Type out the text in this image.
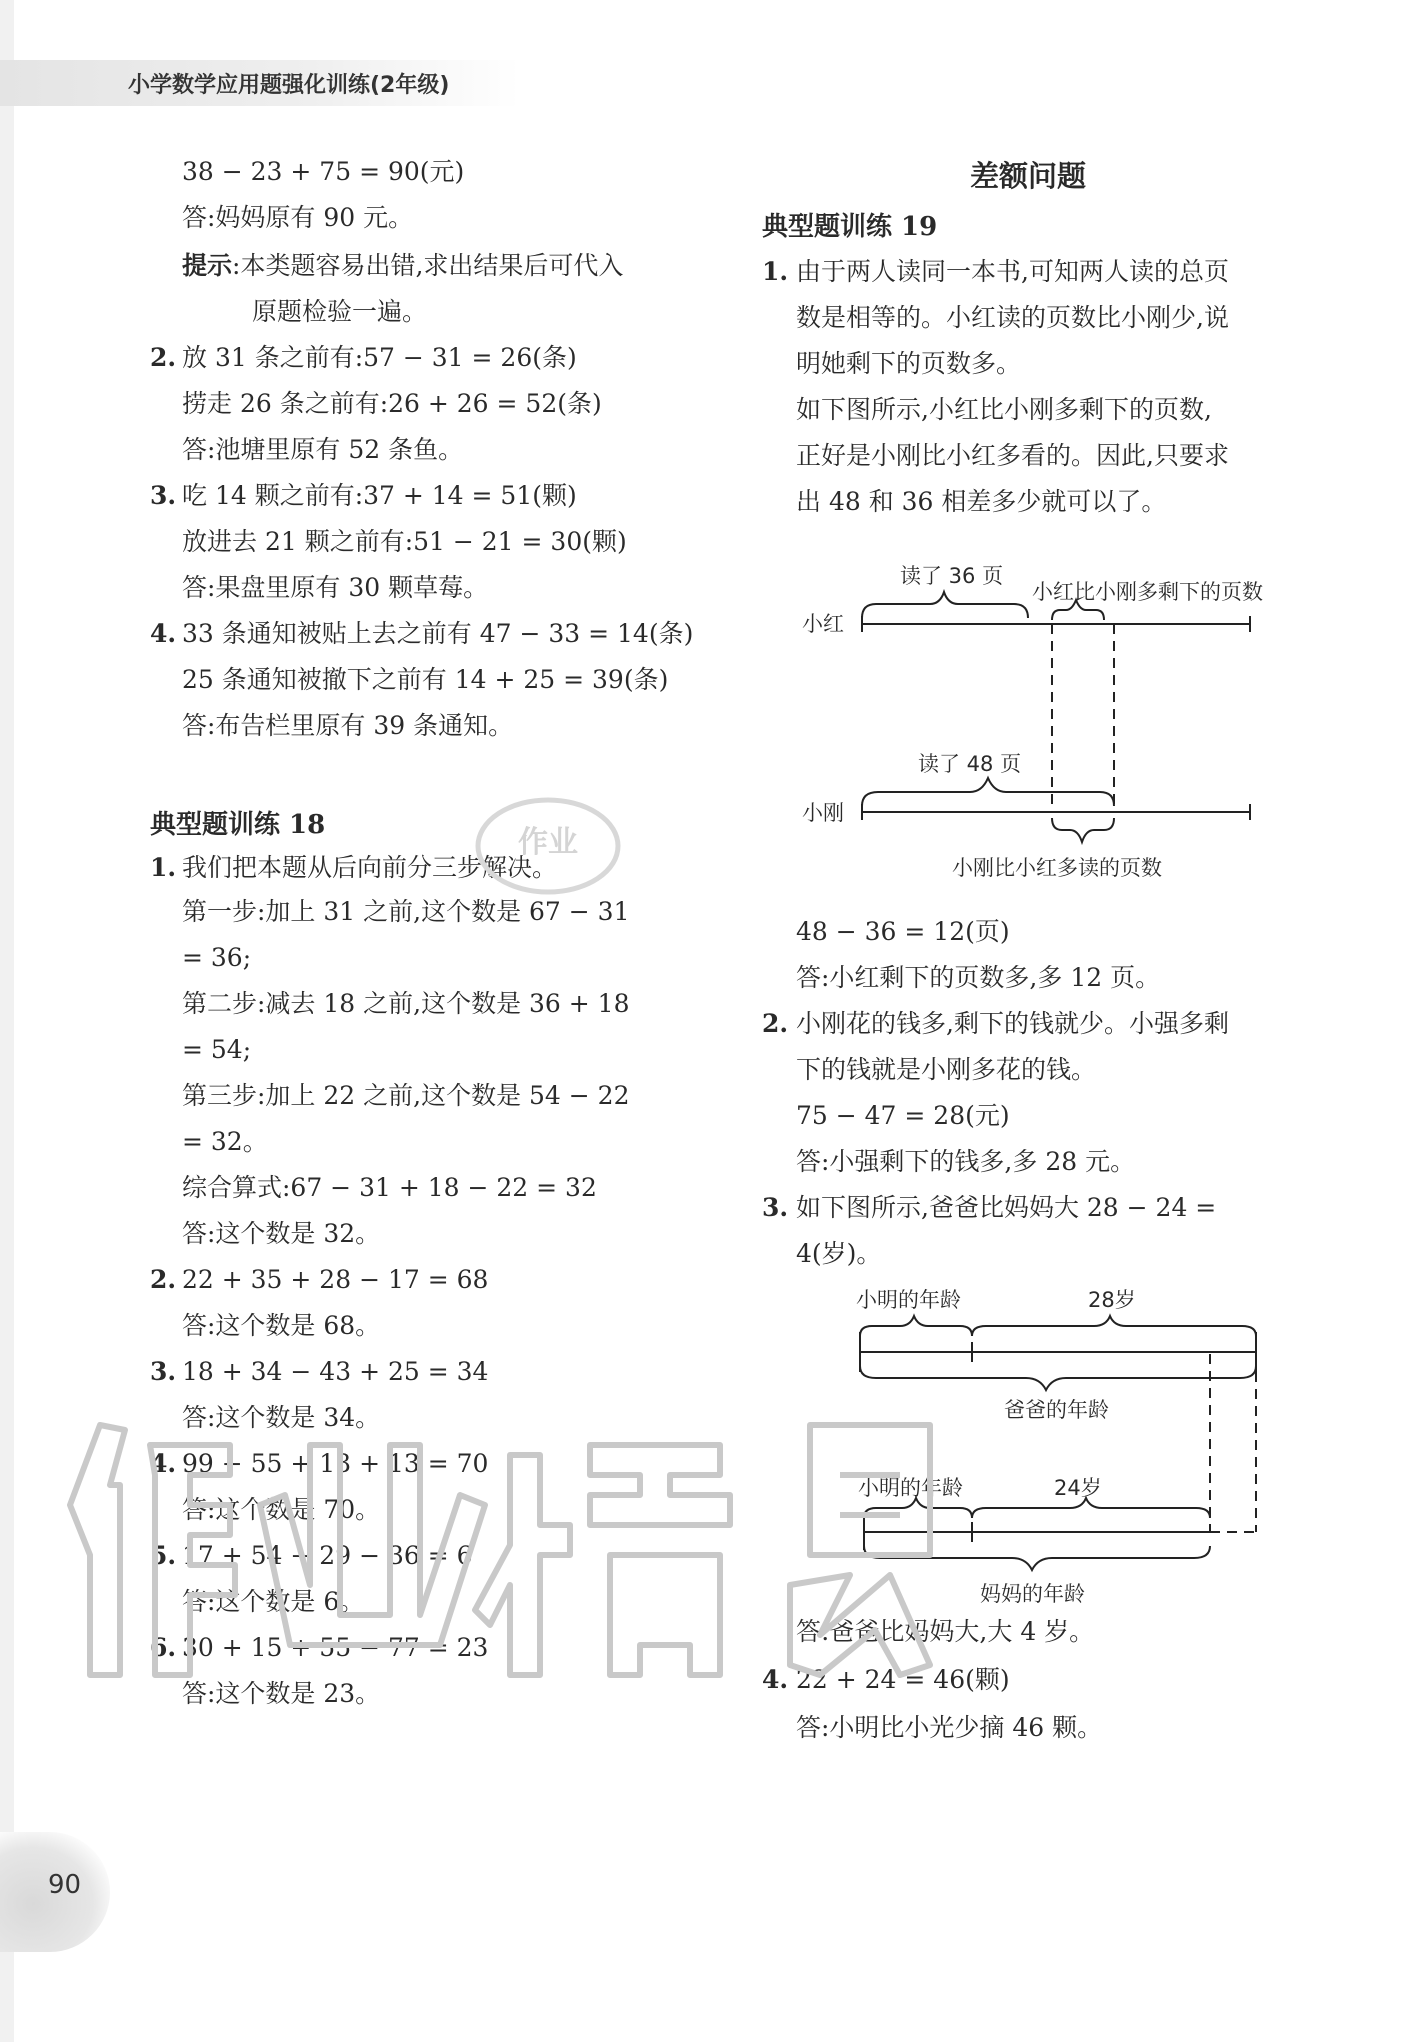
小学数学应用题强化训练(2年级)
38 − 23 + 75 = 90(元)
答:妈妈原有 90 元。
提示:本类题容易出错,求出结果后可代入
原题检验一遍。
2. 放 31 条之前有:57 − 31 = 26(条)
捞走 26 条之前有:26 + 26 = 52(条)
答:池塘里原有 52 条鱼。
3. 吃 14 颗之前有:37 + 14 = 51(颗)
放进去 21 颗之前有:51 − 21 = 30(颗)
答:果盘里原有 30 颗草莓。
4. 33 条通知被贴上去之前有 47 − 33 = 14(条)
25 条通知被撤下之前有 14 + 25 = 39(条)
答:布告栏里原有 39 条通知。
典型题训练 18
1. 我们把本题从后向前分三步解决。
第一步:加上 31 之前,这个数是 67 − 31
= 36;
第二步:减去 18 之前,这个数是 36 + 18
= 54;
第三步:加上 22 之前,这个数是 54 − 22
= 32。
综合算式:67 − 31 + 18 − 22 = 32
答:这个数是 32。
2. 22 + 35 + 28 − 17 = 68
答:这个数是 68。
3. 18 + 34 − 43 + 25 = 34
答:这个数是 34。
4. 99 − 55 + 13 + 13 = 70
答:这个数是 70。
5. 17 + 54 − 29 − 36 = 6
答:这个数是 6。
6. 30 + 15 + 55 − 77 = 23
答:这个数是 23。
差额问题
典型题训练 19
1. 由于两人读同一本书,可知两人读的总页
数是相等的。小红读的页数比小刚少,说
明她剩下的页数多。
如下图所示,小红比小刚多剩下的页数,
正好是小刚比小红多看的。因此,只要求
出 48 和 36 相差多少就可以了。
小红
小刚
读了 36 页
小红比小刚多剩下的页数
读了 48 页
小刚比小红多读的页数
48 − 36 = 12(页)
答:小红剩下的页数多,多 12 页。
2. 小刚花的钱多,剩下的钱就少。小强多剩
下的钱就是小刚多花的钱。
75 − 47 = 28(元)
答:小强剩下的钱多,多 28 元。
3. 如下图所示,爸爸比妈妈大 28 − 24 =
4(岁)。
小明的年龄	28岁
爸爸的年龄
小明的年龄	24岁
妈妈的年龄
答:爸爸比妈妈大,大 4 岁。
4. 22 + 24 = 46(颗)
答:小明比小光少摘 46 颗。
作业
90
